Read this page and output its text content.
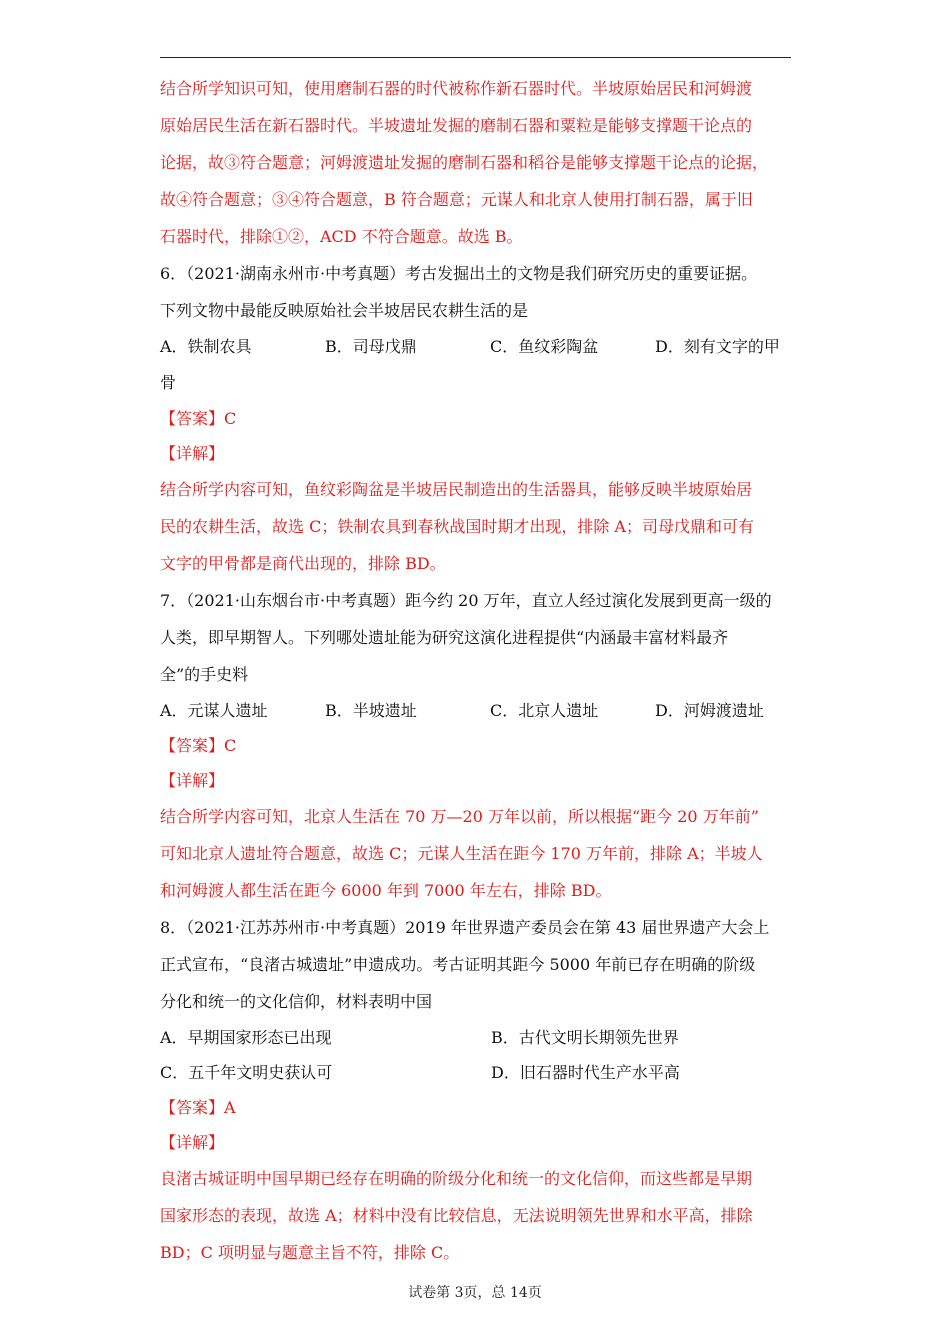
结合所学知识可知，使用磨制石器的时代被称作新石器时代。半坡原始居民和河姆渡
原始居民生活在新石器时代。半坡遗址发掘的磨制石器和粟粒是能够支撑题干论点的
论据，故③符合题意；河姆渡遗址发掘的磨制石器和稻谷是能够支撑题干论点的论据，
故④符合题意；③④符合题意，B 符合题意；元谋人和北京人使用打制石器，属于旧
石器时代，排除①②，ACD 不符合题意。故选 B。
6．（2021·湖南永州市·中考真题）考古发掘出土的文物是我们研究历史的重要证据。
下列文物中最能反映原始社会半坡居民农耕生活的是
A．铁制农具	B．司母戊鼎	C．鱼纹彩陶盆	D．刻有文字的甲
骨
【答案】C
【详解】
结合所学内容可知，鱼纹彩陶盆是半坡居民制造出的生活器具，能够反映半坡原始居
民的农耕生活，故选 C；铁制农具到春秋战国时期才出现，排除 A；司母戊鼎和可有
文字的甲骨都是商代出现的，排除 BD。
7．（2021·山东烟台市·中考真题）距今约 20 万年，直立人经过演化发展到更高一级的
人类，即早期智人。下列哪处遗址能为研究这演化进程提供“内涵最丰富材料最齐
全”的手史料
A．元谋人遗址	B．半坡遗址	C．北京人遗址	D．河姆渡遗址
【答案】C
【详解】
结合所学内容可知，北京人生活在 70 万—20 万年以前，所以根据“距今 20 万年前”
可知北京人遗址符合题意，故选 C；元谋人生活在距今 170 万年前，排除 A；半坡人
和河姆渡人都生活在距今 6000 年到 7000 年左右，排除 BD。
8．（2021·江苏苏州市·中考真题）2019 年世界遗产委员会在第 43 届世界遗产大会上
正式宣布，“良渚古城遗址”申遗成功。考古证明其距今 5000 年前已存在明确的阶级
分化和统一的文化信仰，材料表明中国
A．早期国家形态已出现	B．古代文明长期领先世界
C．五千年文明史获认可	D．旧石器时代生产水平高
【答案】A
【详解】
良渚古城证明中国早期已经存在明确的阶级分化和统一的文化信仰，而这些都是早期
国家形态的表现，故选 A；材料中没有比较信息，无法说明领先世界和水平高，排除
BD；C 项明显与题意主旨不符，排除 C。
试卷第 3页，总 14页
